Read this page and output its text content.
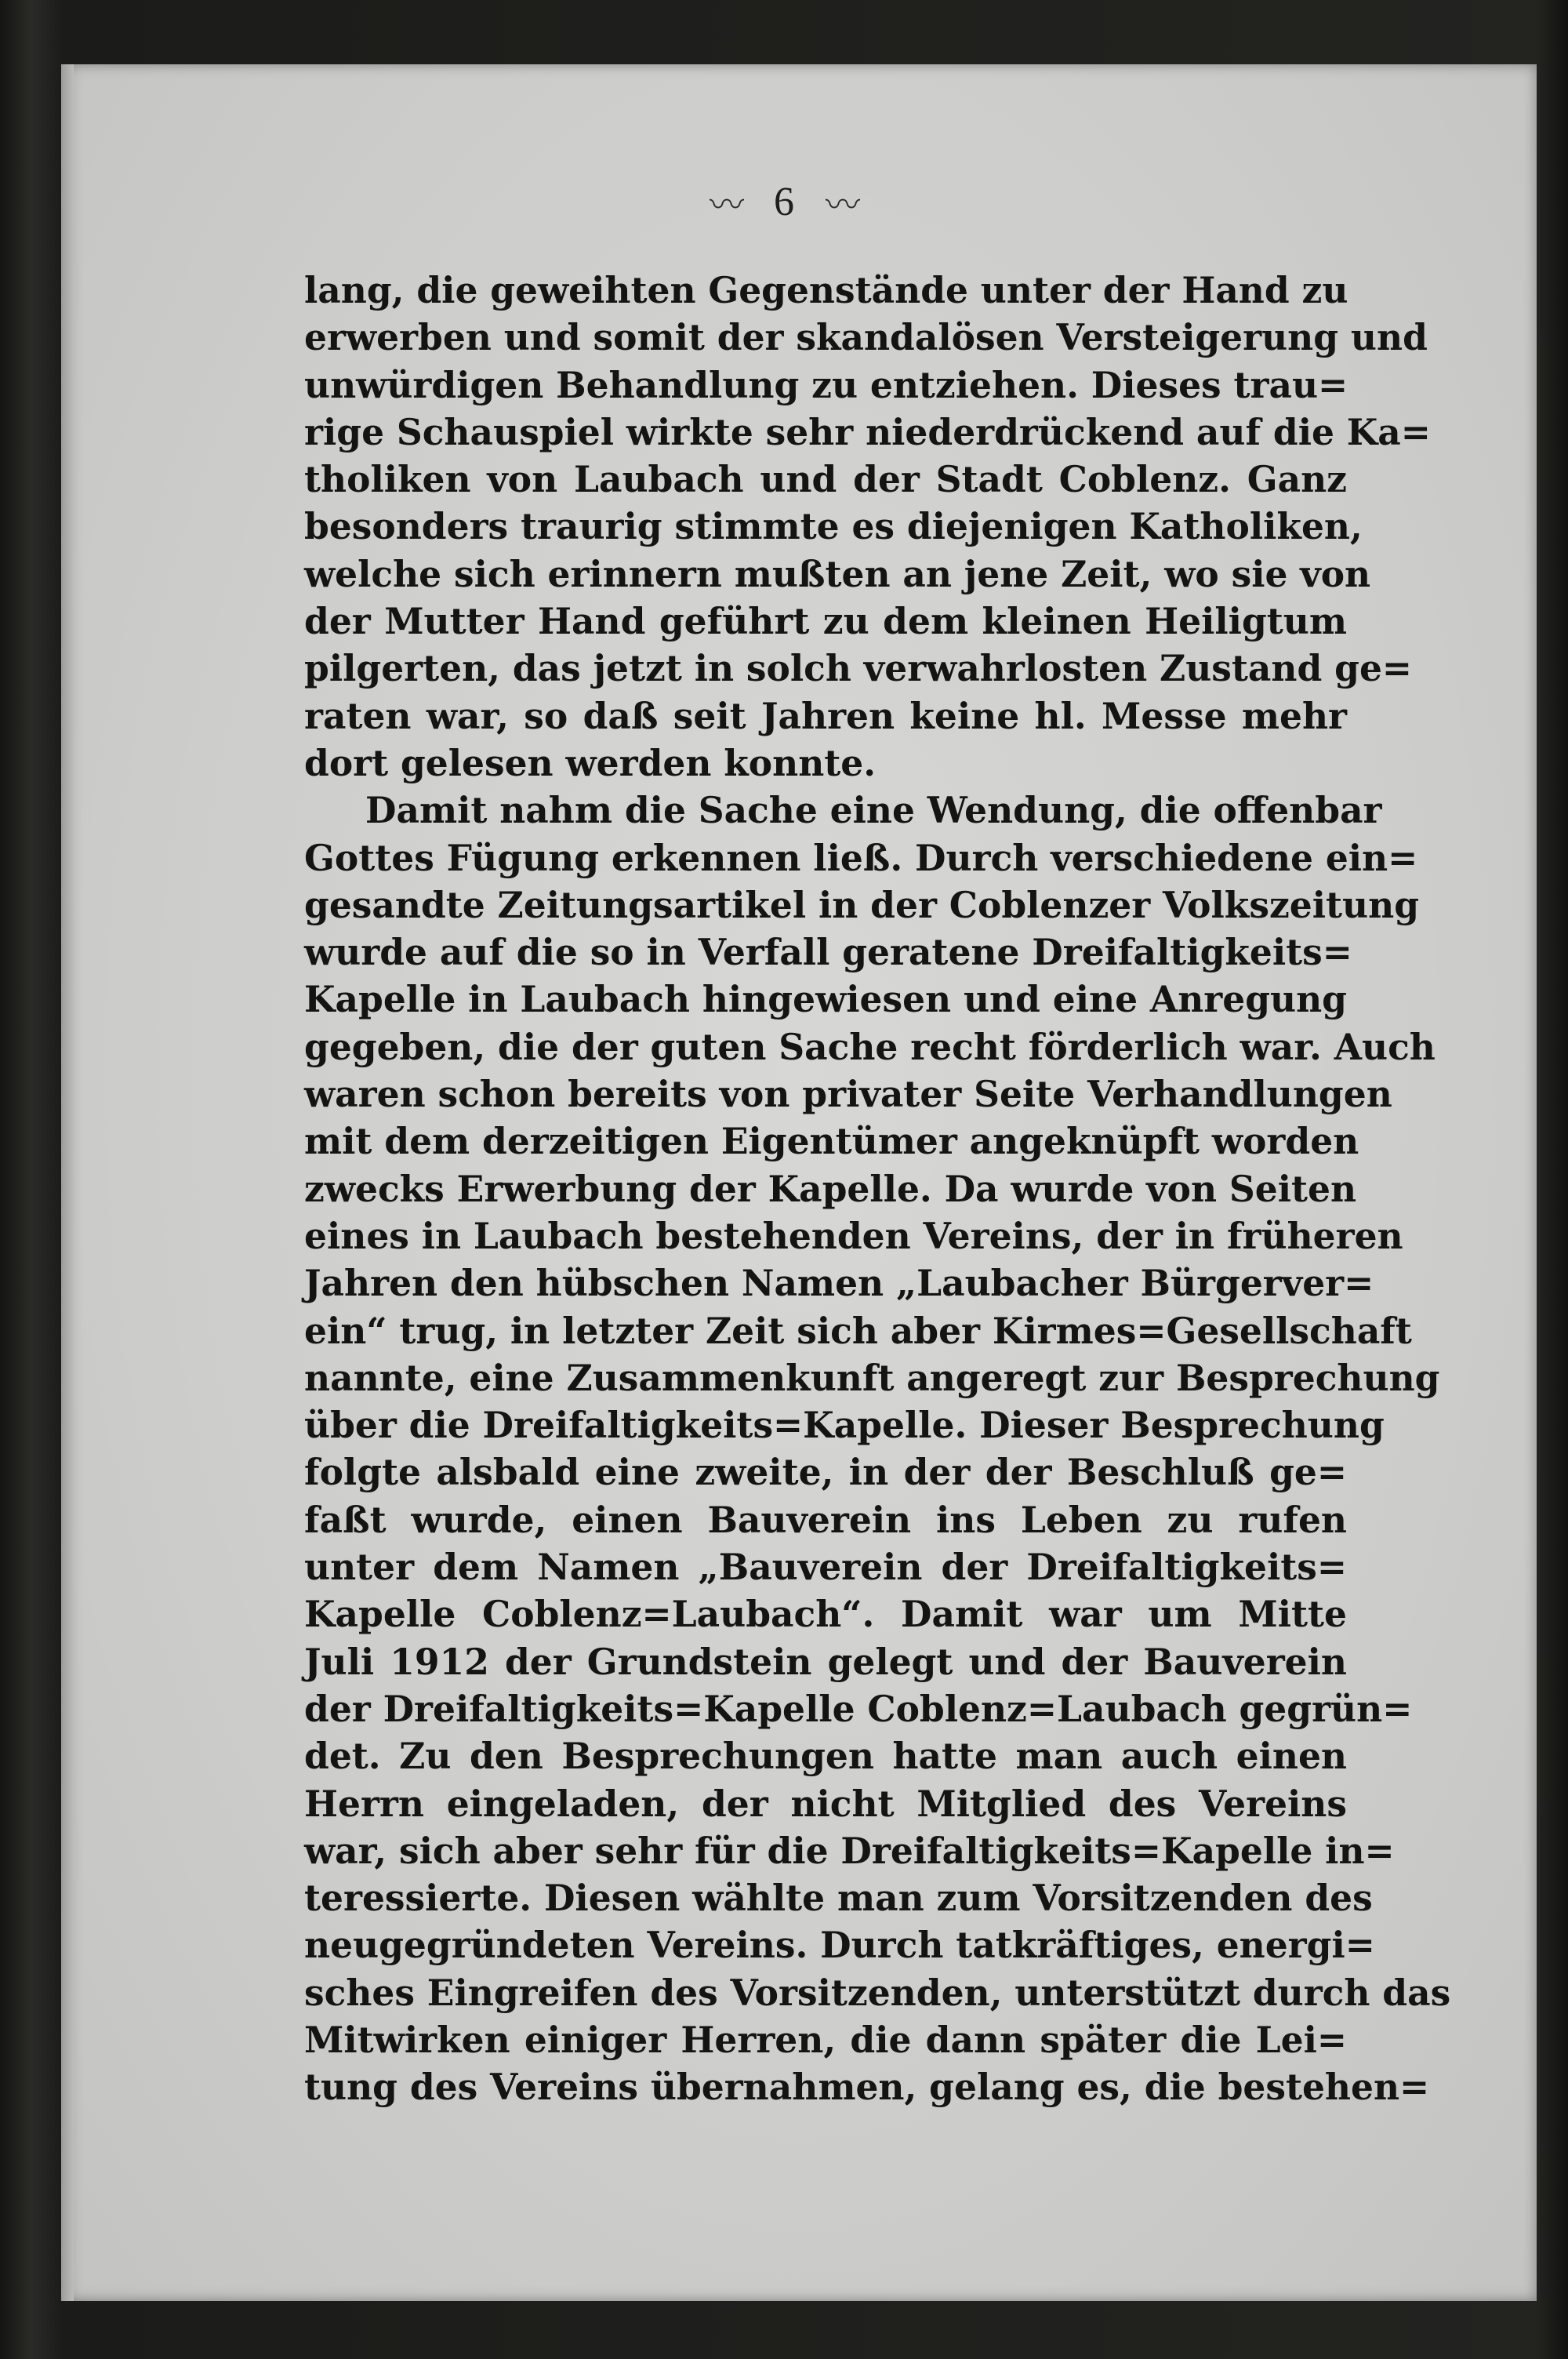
〰 6 〰
lang, die geweihten Gegenstände unter der Hand zu
erwerben und somit der skandalösen Versteigerung und
unwürdigen Behandlung zu entziehen. Dieses trau=
rige Schauspiel wirkte sehr niederdrückend auf die Ka=
tholiken von Laubach und der Stadt Coblenz. Ganz
besonders traurig stimmte es diejenigen Katholiken,
welche sich erinnern mußten an jene Zeit, wo sie von
der Mutter Hand geführt zu dem kleinen Heiligtum
pilgerten, das jetzt in solch verwahrlosten Zustand ge=
raten war, so daß seit Jahren keine hl. Messe mehr
dort gelesen werden konnte.
Damit nahm die Sache eine Wendung, die offenbar
Gottes Fügung erkennen ließ. Durch verschiedene ein=
gesandte Zeitungsartikel in der Coblenzer Volkszeitung
wurde auf die so in Verfall geratene Dreifaltigkeits=
Kapelle in Laubach hingewiesen und eine Anregung
gegeben, die der guten Sache recht förderlich war. Auch
waren schon bereits von privater Seite Verhandlungen
mit dem derzeitigen Eigentümer angeknüpft worden
zwecks Erwerbung der Kapelle. Da wurde von Seiten
eines in Laubach bestehenden Vereins, der in früheren
Jahren den hübschen Namen „Laubacher Bürgerver=
ein“ trug, in letzter Zeit sich aber Kirmes=Gesellschaft
nannte, eine Zusammenkunft angeregt zur Besprechung
über die Dreifaltigkeits=Kapelle. Dieser Besprechung
folgte alsbald eine zweite, in der der Beschluß ge=
faßt wurde, einen Bauverein ins Leben zu rufen
unter dem Namen „Bauverein der Dreifaltigkeits=
Kapelle Coblenz=Laubach“. Damit war um Mitte
Juli 1912 der Grundstein gelegt und der Bauverein
der Dreifaltigkeits=Kapelle Coblenz=Laubach gegrün=
det. Zu den Besprechungen hatte man auch einen
Herrn eingeladen, der nicht Mitglied des Vereins
war, sich aber sehr für die Dreifaltigkeits=Kapelle in=
teressierte. Diesen wählte man zum Vorsitzenden des
neugegründeten Vereins. Durch tatkräftiges, energi=
sches Eingreifen des Vorsitzenden, unterstützt durch das
Mitwirken einiger Herren, die dann später die Lei=
tung des Vereins übernahmen, gelang es, die bestehen=
